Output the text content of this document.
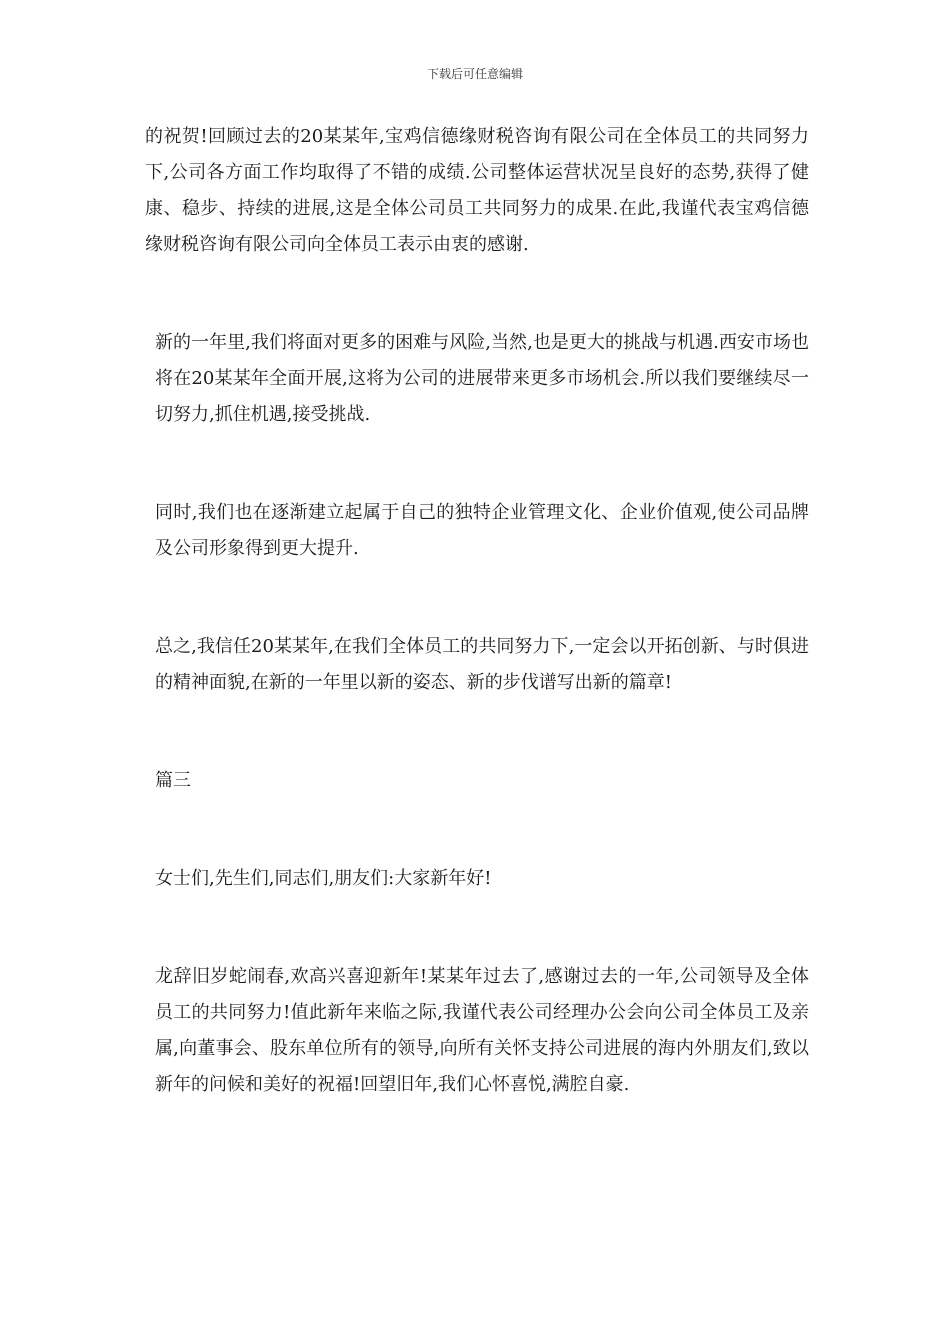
下载后可任意编辑

的祝贺!回顾过去的20某某年,宝鸡信德缘财税咨询有限公司在全体员工的共同努力下,公司各方面工作均取得了不错的成绩.公司整体运营状况呈良好的态势,获得了健康、稳步、持续的进展,这是全体公司员工共同努力的成果.在此,我谨代表宝鸡信德缘财税咨询有限公司向全体员工表示由衷的感谢.

新的一年里,我们将面对更多的困难与风险,当然,也是更大的挑战与机遇.西安市场也将在20某某年全面开展,这将为公司的进展带来更多市场机会.所以我们要继续尽一切努力,抓住机遇,接受挑战.

同时,我们也在逐渐建立起属于自己的独特企业管理文化、企业价值观,使公司品牌及公司形象得到更大提升.

总之,我信任20某某年,在我们全体员工的共同努力下,一定会以开拓创新、与时俱进的精神面貌,在新的一年里以新的姿态、新的步伐谱写出新的篇章!

篇三

女士们,先生们,同志们,朋友们:大家新年好!

龙辞旧岁蛇闹春,欢高兴喜迎新年!某某年过去了,感谢过去的一年,公司领导及全体员工的共同努力!值此新年来临之际,我谨代表公司经理办公会向公司全体员工及亲属,向董事会、股东单位所有的领导,向所有关怀支持公司进展的海内外朋友们,致以新年的问候和美好的祝福!回望旧年,我们心怀喜悦,满腔自豪.
